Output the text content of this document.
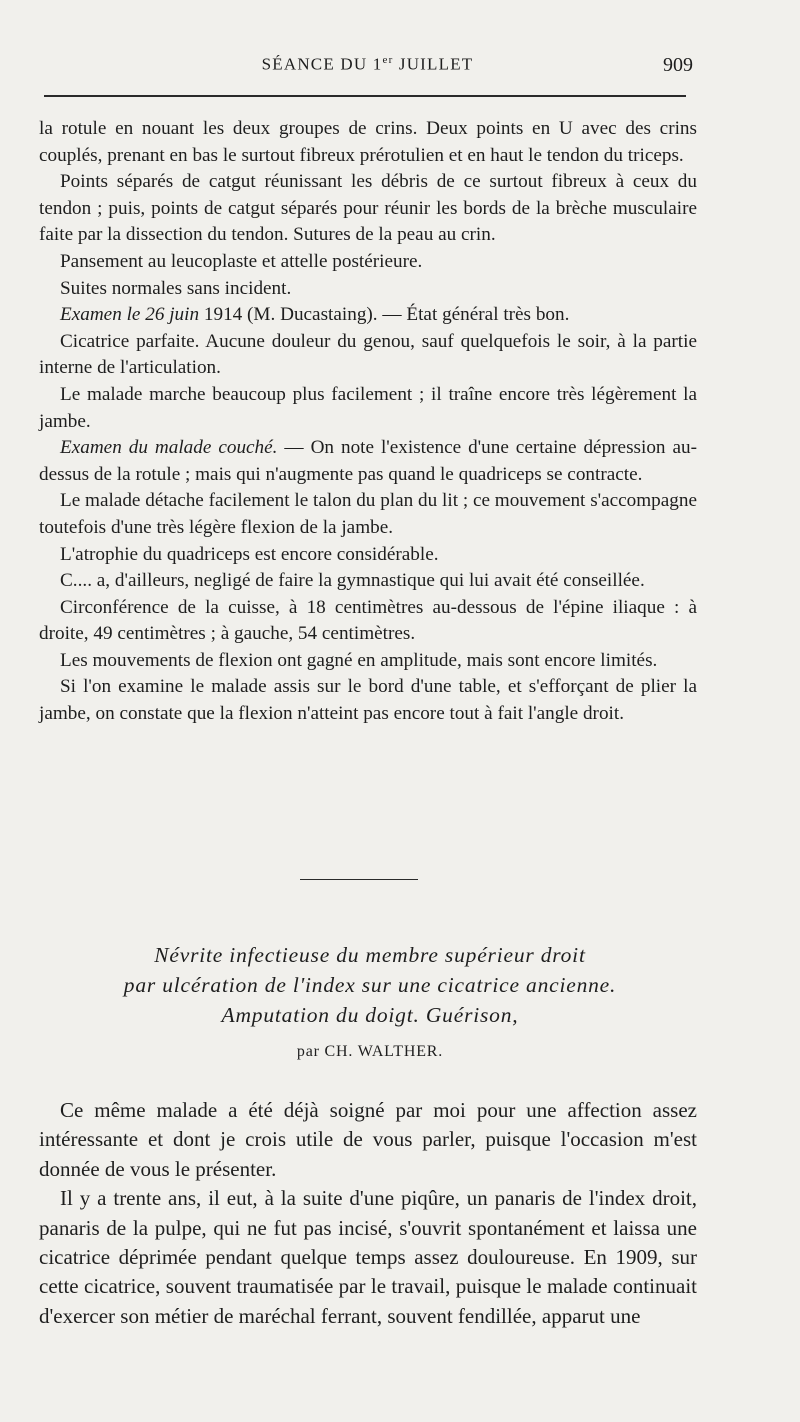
SÉANCE DU 1er JUILLET	909

la rotule en nouant les deux groupes de crins. Deux points en U avec des crins couplés, prenant en bas le surtout fibreux prérotulien et en haut le tendon du triceps.

Points séparés de catgut réunissant les débris de ce surtout fibreux à ceux du tendon ; puis, points de catgut séparés pour réunir les bords de la brèche musculaire faite par la dissection du tendon. Sutures de la peau au crin.

Pansement au leucoplaste et attelle postérieure.

Suites normales sans incident.

Examen le 26 juin 1914 (M. Ducastaing). — État général très bon.

Cicatrice parfaite. Aucune douleur du genou, sauf quelquefois le soir, à la partie interne de l'articulation.

Le malade marche beaucoup plus facilement ; il traîne encore très légèrement la jambe.

Examen du malade couché. — On note l'existence d'une certaine dépression au-dessus de la rotule ; mais qui n'augmente pas quand le quadriceps se contracte.

Le malade détache facilement le talon du plan du lit ; ce mouvement s'accompagne toutefois d'une très légère flexion de la jambe.

L'atrophie du quadriceps est encore considérable.

C.... a, d'ailleurs, negligé de faire la gymnastique qui lui avait été conseillée.

Circonférence de la cuisse, à 18 centimètres au-dessous de l'épine iliaque : à droite, 49 centimètres ; à gauche, 54 centimètres.

Les mouvements de flexion ont gagné en amplitude, mais sont encore limités.

Si l'on examine le malade assis sur le bord d'une table, et s'efforçant de plier la jambe, on constate que la flexion n'atteint pas encore tout à fait l'angle droit.

Névrite infectieuse du membre supérieur droit
par ulcération de l'index sur une cicatrice ancienne.
Amputation du doigt. Guérison,
par CH. WALTHER.

Ce même malade a été déjà soigné par moi pour une affection assez intéressante et dont je crois utile de vous parler, puisque l'occasion m'est donnée de vous le présenter.

Il y a trente ans, il eut, à la suite d'une piqûre, un panaris de l'index droit, panaris de la pulpe, qui ne fut pas incisé, s'ouvrit spontanément et laissa une cicatrice déprimée pendant quelque temps assez douloureuse. En 1909, sur cette cicatrice, souvent traumatisée par le travail, puisque le malade continuait d'exercer son métier de maréchal ferrant, souvent fendillée, apparut une
